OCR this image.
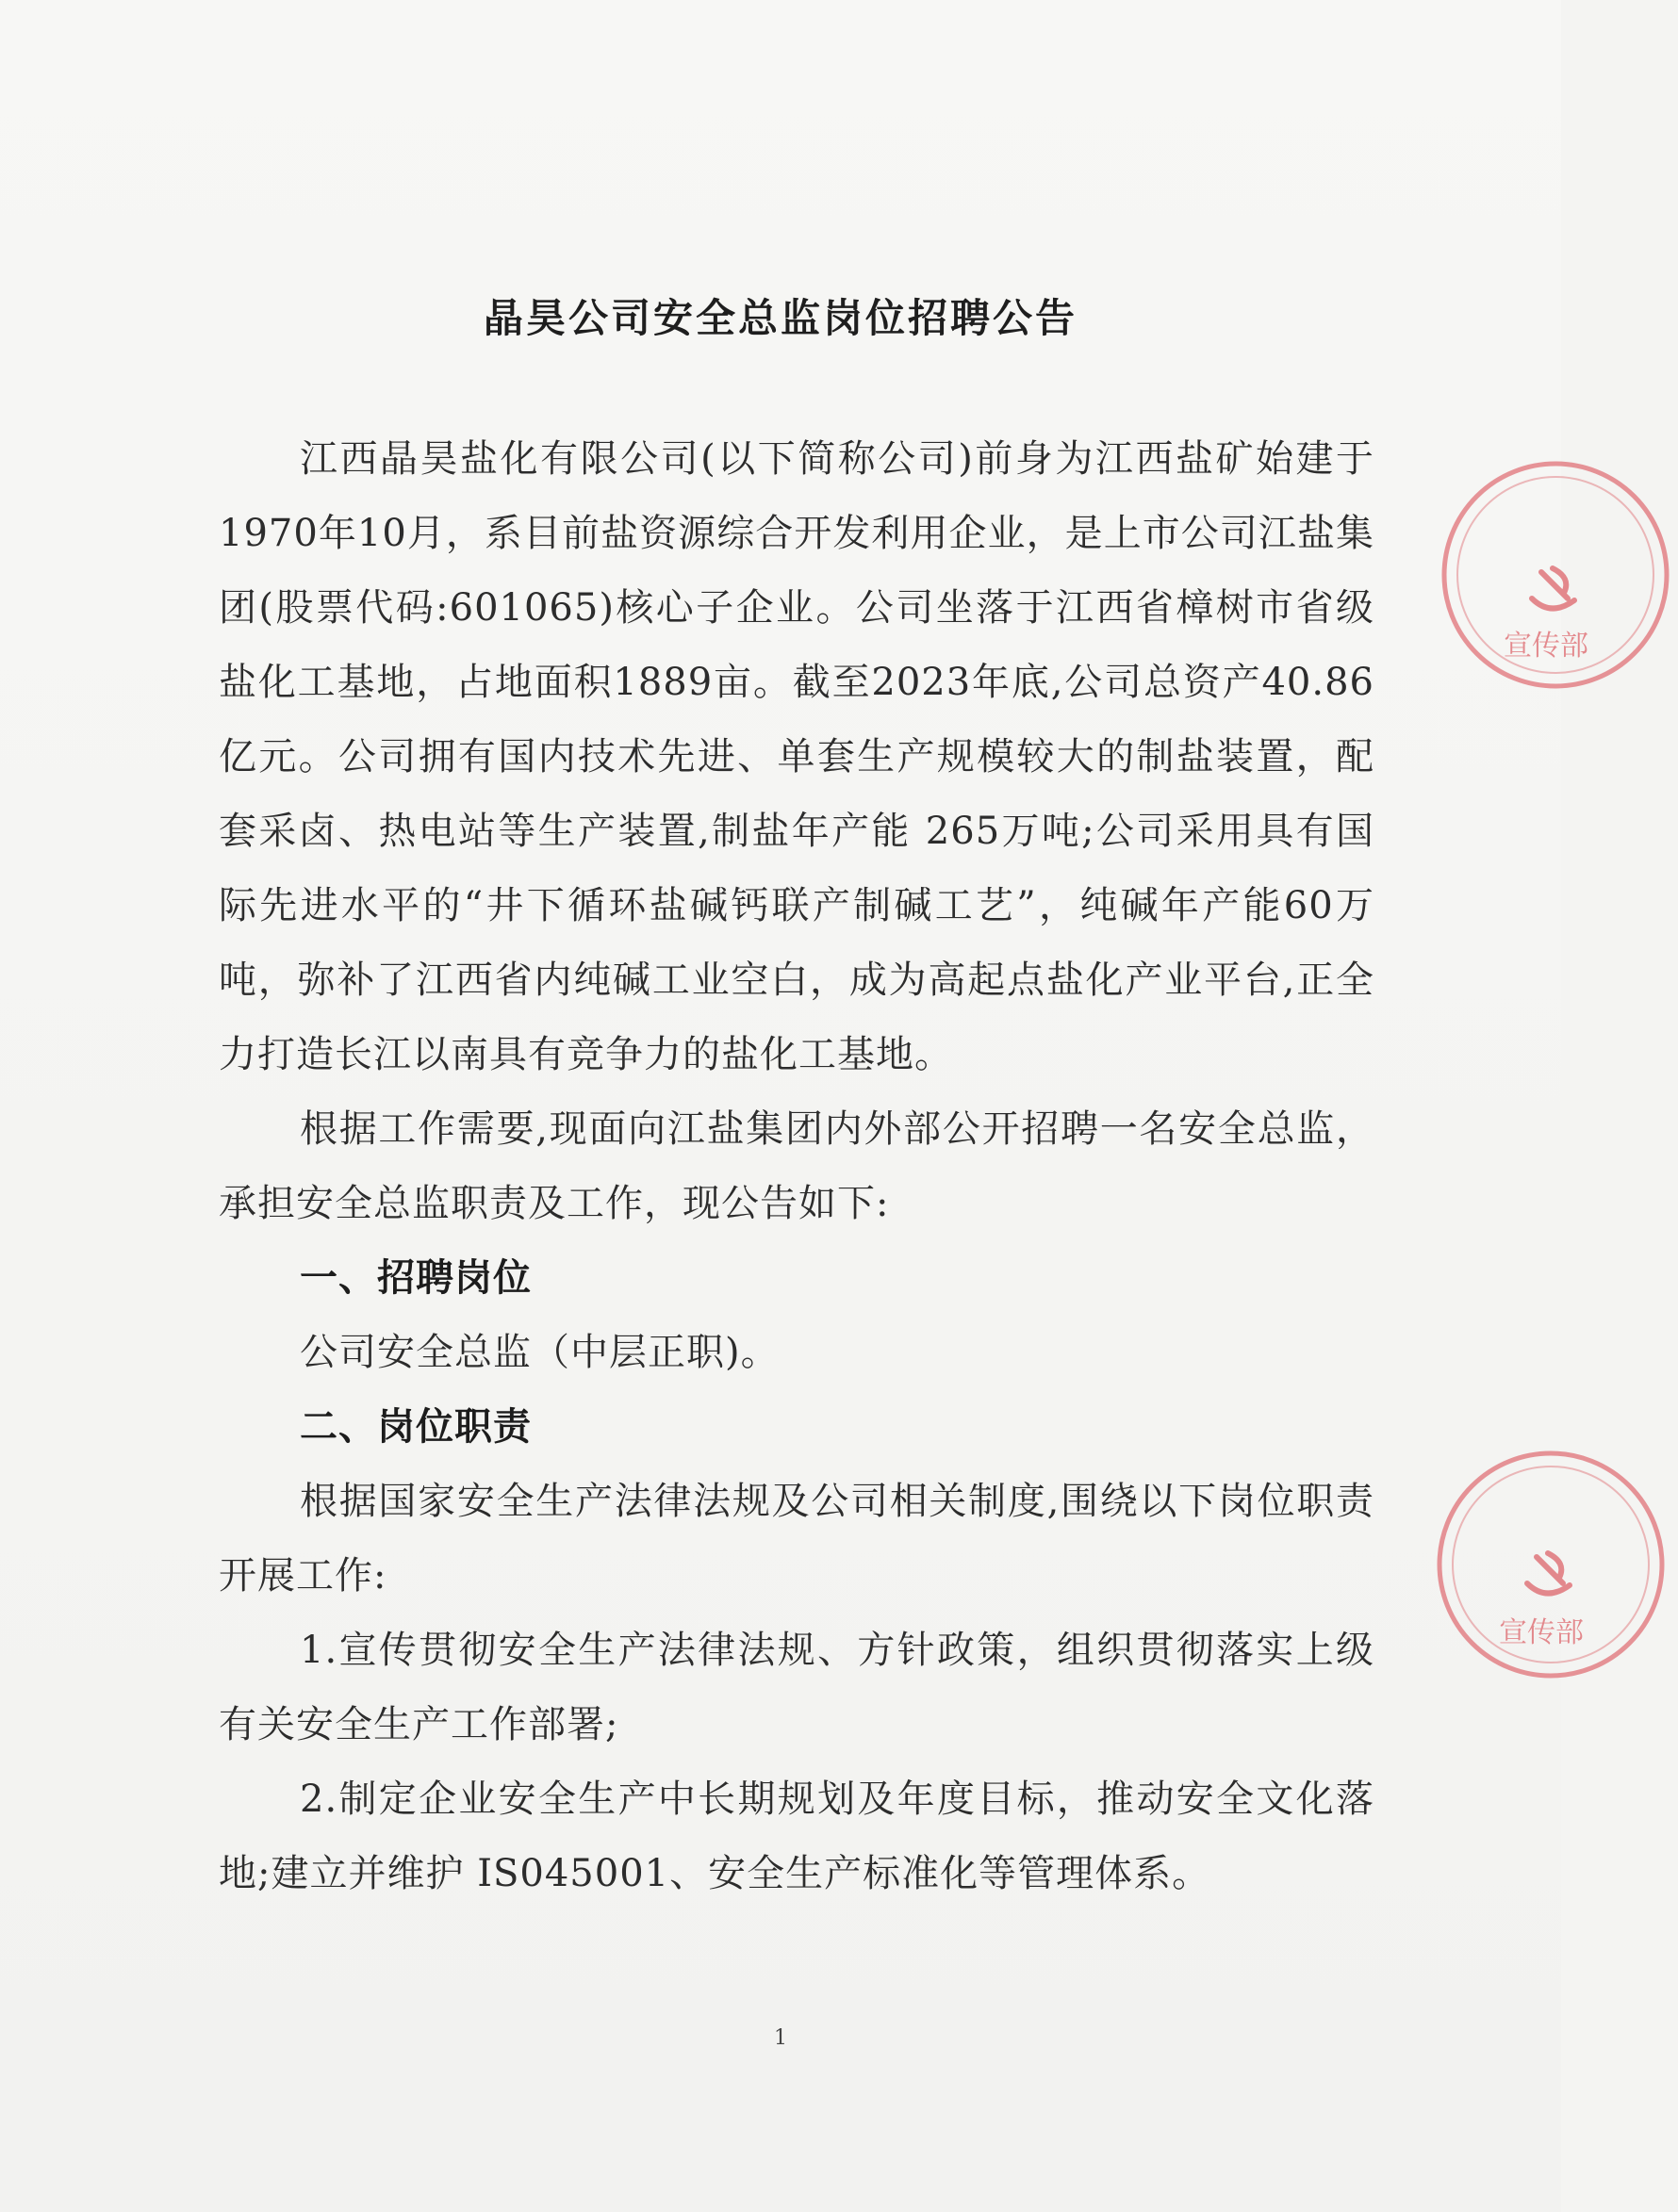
晶昊公司安全总监岗位招聘公告

江西晶昊盐化有限公司(以下简称公司)前身为江西盐矿始建于1970年10月，系目前盐资源综合开发利用企业，是上市公司江盐集团(股票代码:601065)核心子企业。公司坐落于江西省樟树市省级盐化工基地，占地面积1889亩。截至2023年底,公司总资产40.86亿元。公司拥有国内技术先进、单套生产规模较大的制盐装置，配套采卤、热电站等生产装置,制盐年产能 265万吨;公司采用具有国际先进水平的“井下循环盐碱钙联产制碱工艺”，纯碱年产能60万吨，弥补了江西省内纯碱工业空白，成为高起点盐化产业平台,正全力打造长江以南具有竞争力的盐化工基地。

根据工作需要,现面向江盐集团内外部公开招聘一名安全总监，承担安全总监职责及工作，现公告如下:

一、招聘岗位

公司安全总监（中层正职)。

二、岗位职责

根据国家安全生产法律法规及公司相关制度,围绕以下岗位职责开展工作:

1.宣传贯彻安全生产法律法规、方针政策，组织贯彻落实上级有关安全生产工作部署;

2.制定企业安全生产中长期规划及年度目标，推动安全文化落地;建立并维护 IS045001、安全生产标准化等管理体系。

1
宣传部
宣传部
